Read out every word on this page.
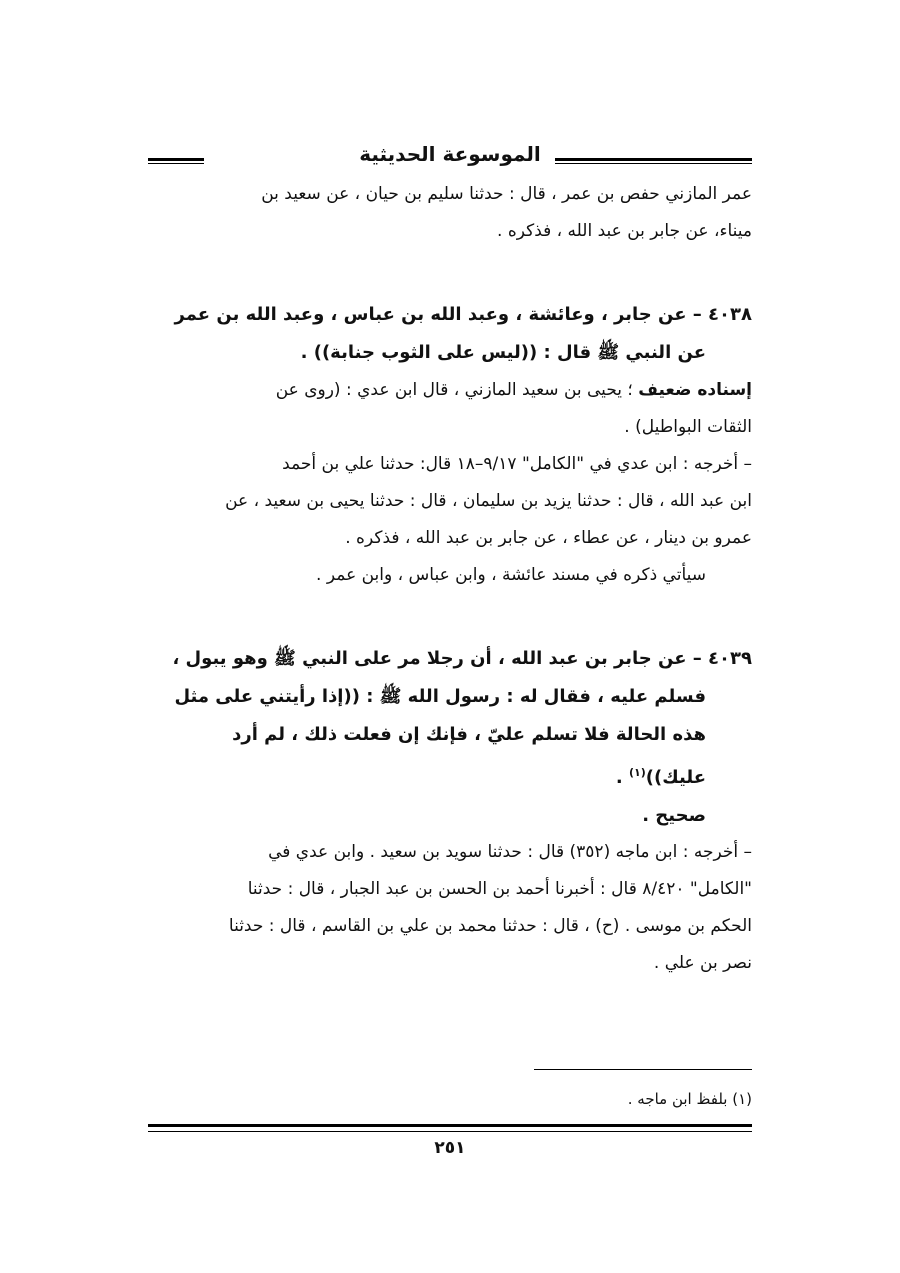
الموسوعة الحديثية

عمر المازني حفص بن عمر ، قال : حدثنا سليم بن حيان ، عن سعيد بن

ميناء، عن جابر بن عبد الله ، فذكره .

٤٠٣٨ – عن جابر ، وعائشة ، وعبد الله بن عباس ، وعبد الله بن عمر

عن النبي ﷺ قال : ((ليس على الثوب جنابة)) .

إسناده ضعيف ؛ يحيى بن سعيد المازني ، قال ابن عدي : (روى عن

الثقات البواطيل) .

– أخرجه : ابن عدي في "الكامل" ٩/١٧–١٨ قال: حدثنا علي بن أحمد

ابن عبد الله ، قال : حدثنا يزيد بن سليمان ، قال : حدثنا يحيى بن سعيد ، عن

عمرو بن دينار ، عن عطاء ، عن جابر بن عبد الله ، فذكره .

سيأتي ذكره في مسند عائشة ، وابن عباس ، وابن عمر .

٤٠٣٩ – عن جابر بن عبد الله ، أن رجلا مر على النبي ﷺ وهو يبول ،

فسلم عليه ، فقال له : رسول الله ﷺ : ((إذا رأيتني على مثل

هذه الحالة فلا تسلم عليّ ، فإنك إن فعلت ذلك ، لم أرد

عليك))$^{(١)}$ .

صحيح .

– أخرجه : ابن ماجه (٣٥٢) قال : حدثنا سويد بن سعيد . وابن عدي في

"الكامل" ٨/٤٢٠ قال : أخبرنا أحمد بن الحسن بن عبد الجبار ، قال : حدثنا

الحكم بن موسى . (ح) ، قال : حدثنا محمد بن علي بن القاسم ، قال : حدثنا

نصر بن علي .

(١) بلفظ ابن ماجه .
٢٥١
